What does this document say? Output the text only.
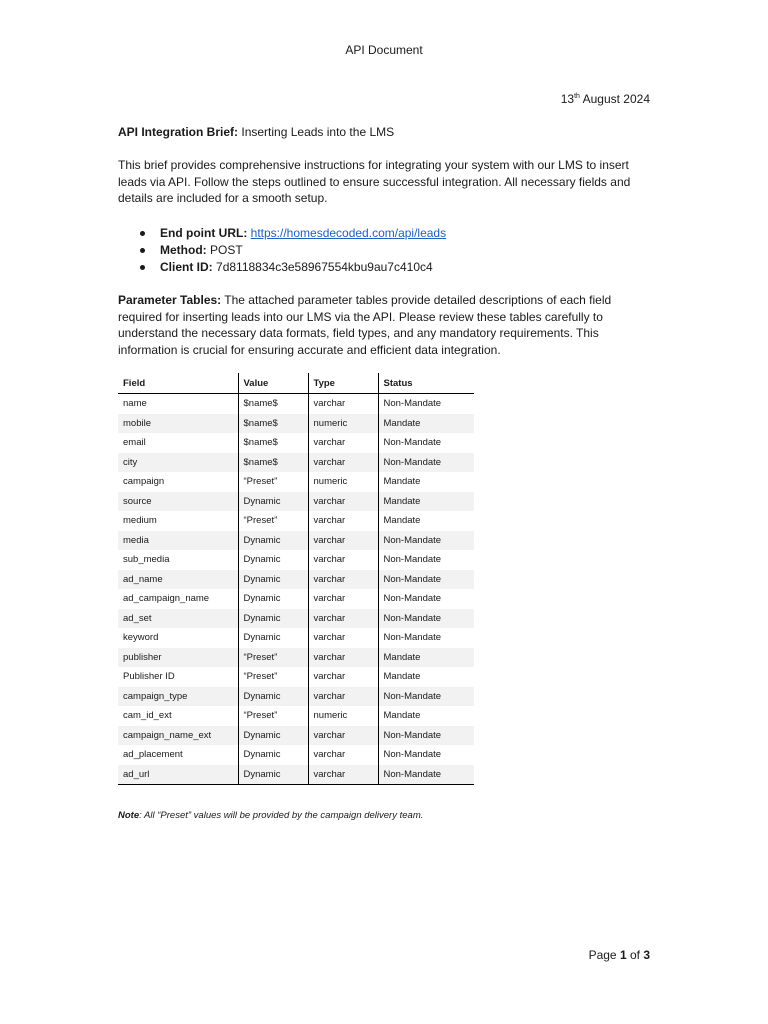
API Document
13th August 2024
API Integration Brief: Inserting Leads into the LMS
This brief provides comprehensive instructions for integrating your system with our LMS to insert leads via API. Follow the steps outlined to ensure successful integration. All necessary fields and details are included for a smooth setup.
End point URL: https://homesdecoded.com/api/leads
Method: POST
Client ID: 7d8118834c3e58967554kbu9au7c410c4
Parameter Tables: The attached parameter tables provide detailed descriptions of each field required for inserting leads into our LMS via the API. Please review these tables carefully to understand the necessary data formats, field types, and any mandatory requirements. This information is crucial for ensuring accurate and efficient data integration.
Field	Value	Type	Status
name	$name$	varchar	Non-Mandate
mobile	$name$	numeric	Mandate
email	$name$	varchar	Non-Mandate
city	$name$	varchar	Non-Mandate
campaign	“Preset”	numeric	Mandate
source	Dynamic	varchar	Mandate
medium	“Preset”	varchar	Mandate
media	Dynamic	varchar	Non-Mandate
sub_media	Dynamic	varchar	Non-Mandate
ad_name	Dynamic	varchar	Non-Mandate
ad_campaign_name	Dynamic	varchar	Non-Mandate
ad_set	Dynamic	varchar	Non-Mandate
keyword	Dynamic	varchar	Non-Mandate
publisher	“Preset”	varchar	Mandate
Publisher ID	“Preset”	varchar	Mandate
campaign_type	Dynamic	varchar	Non-Mandate
cam_id_ext	“Preset”	numeric	Mandate
campaign_name_ext	Dynamic	varchar	Non-Mandate
ad_placement	Dynamic	varchar	Non-Mandate
ad_url	Dynamic	varchar	Non-Mandate
Note: All “Preset” values will be provided by the campaign delivery team.
Page 1 of 3
